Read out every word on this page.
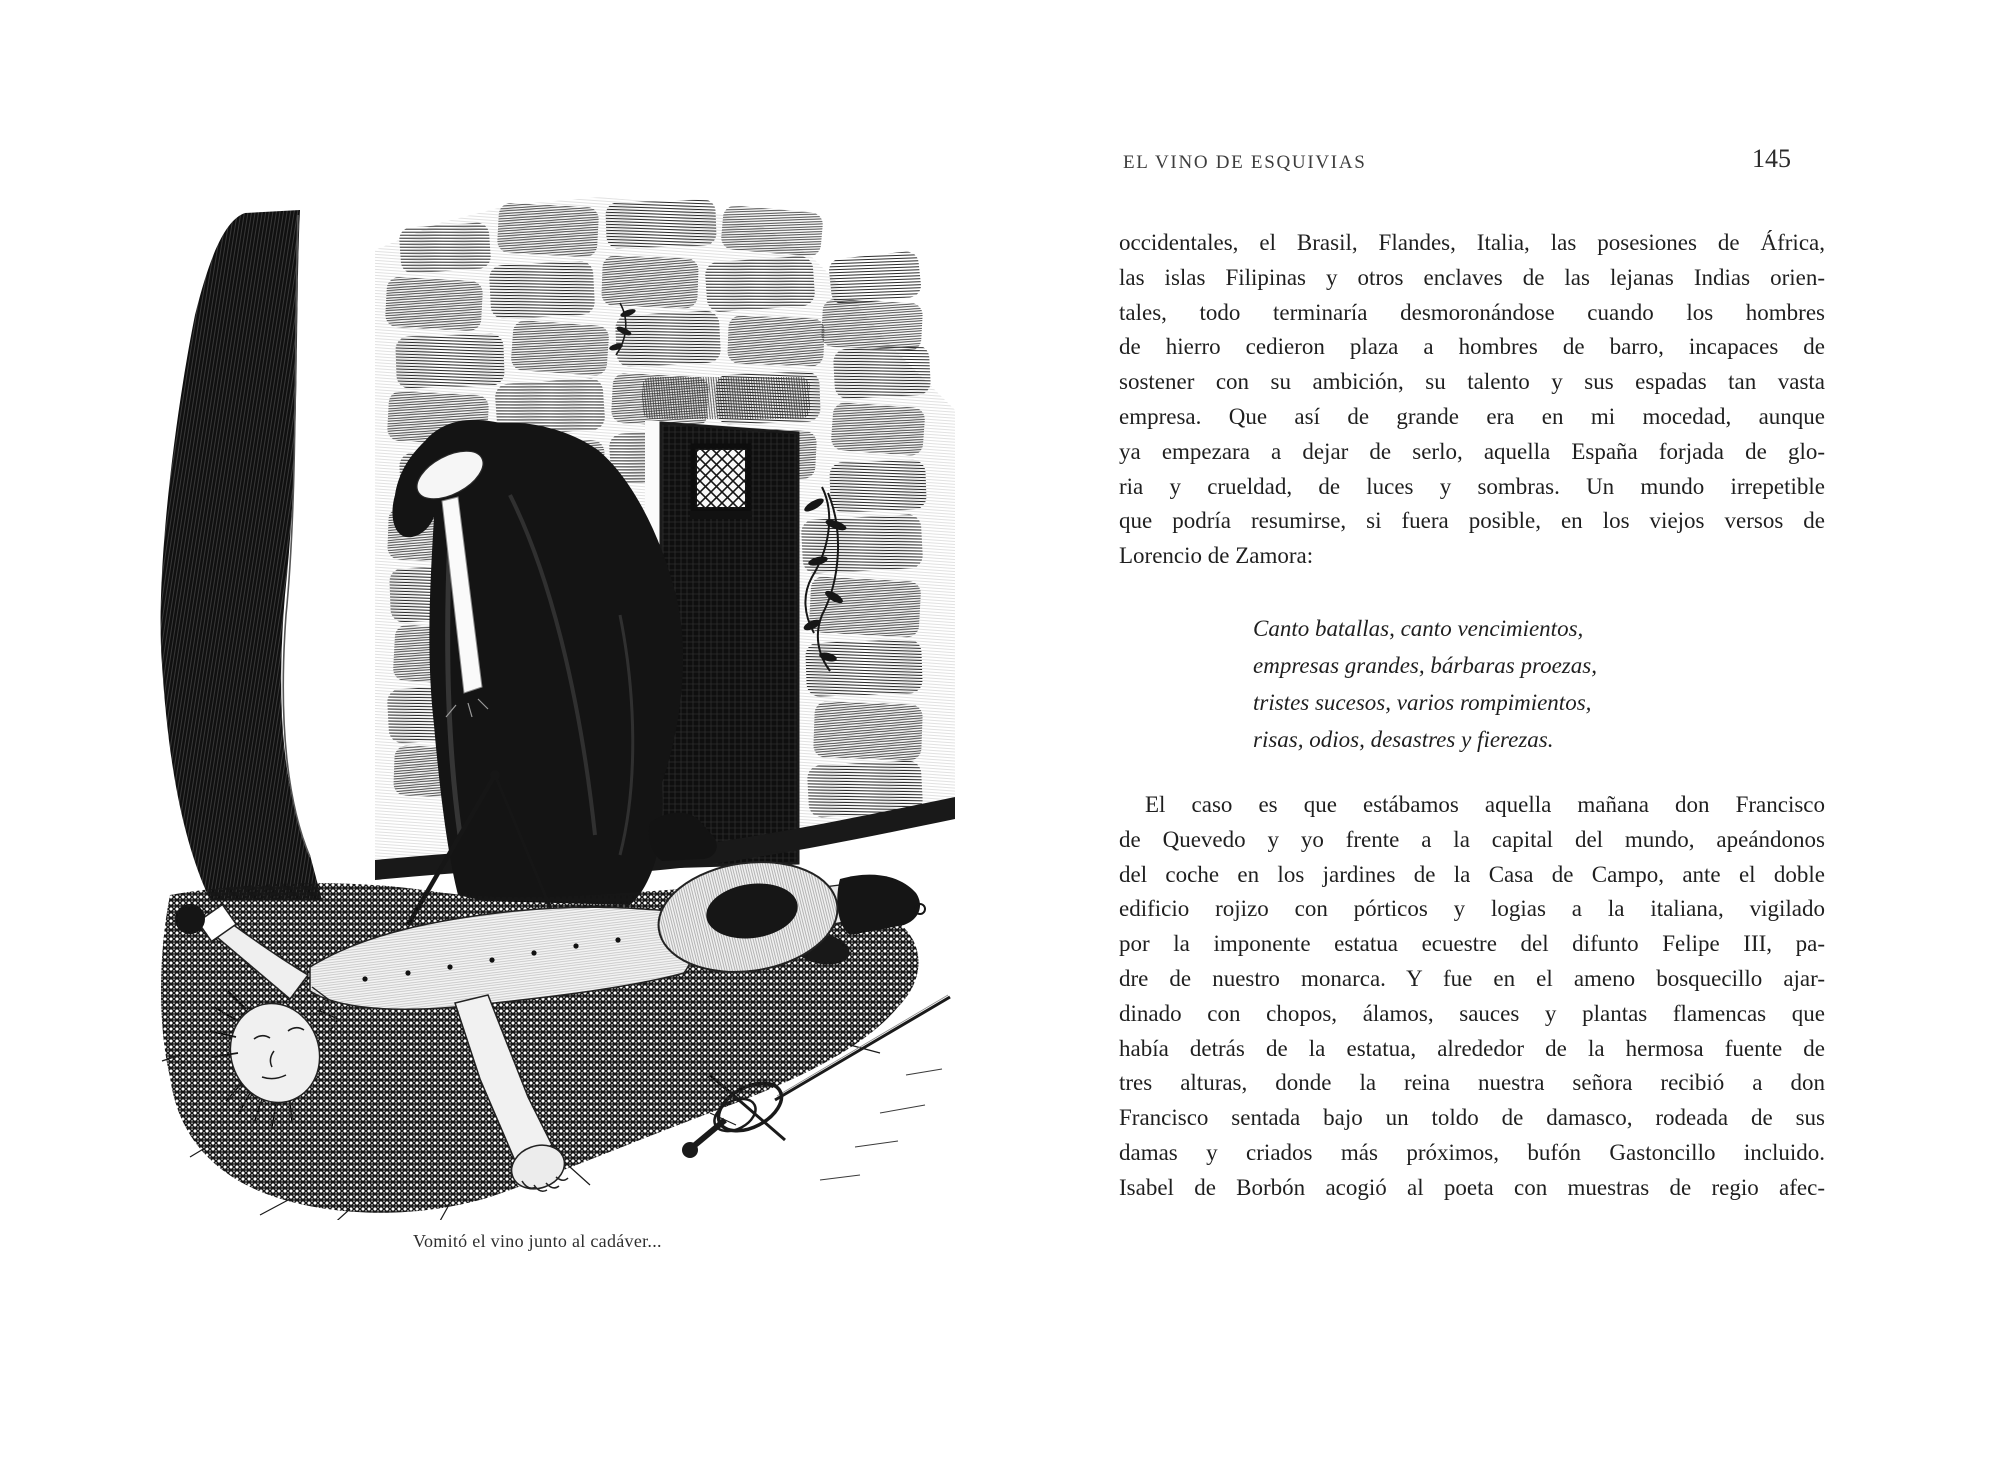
Vomitó el vino junto al cadáver...
EL VINO DE ESQUIVIAS	145
occidentales, el Brasil, Flandes, Italia, las posesiones de África,
las islas Filipinas y otros enclaves de las lejanas Indias orien-
tales, todo terminaría desmoronándose cuando los hombres
de hierro cedieron plaza a hombres de barro, incapaces de
sostener con su ambición, su talento y sus espadas tan vasta
empresa. Que así de grande era en mi mocedad, aunque
ya empezara a dejar de serlo, aquella España forjada de glo-
ria y crueldad, de luces y sombras. Un mundo irrepetible
que podría resumirse, si fuera posible, en los viejos versos de
Lorencio de Zamora:
Canto batallas, canto vencimientos,
empresas grandes, bárbaras proezas,
tristes sucesos, varios rompimientos,
risas, odios, desastres y fierezas.
El caso es que estábamos aquella mañana don Francisco
de Quevedo y yo frente a la capital del mundo, apeándonos
del coche en los jardines de la Casa de Campo, ante el doble
edificio rojizo con pórticos y logias a la italiana, vigilado
por la imponente estatua ecuestre del difunto Felipe III, pa-
dre de nuestro monarca. Y fue en el ameno bosquecillo ajar-
dinado con chopos, álamos, sauces y plantas flamencas que
había detrás de la estatua, alrededor de la hermosa fuente de
tres alturas, donde la reina nuestra señora recibió a don
Francisco sentada bajo un toldo de damasco, rodeada de sus
damas y criados más próximos, bufón Gastoncillo incluido.
Isabel de Borbón acogió al poeta con muestras de regio afec-
